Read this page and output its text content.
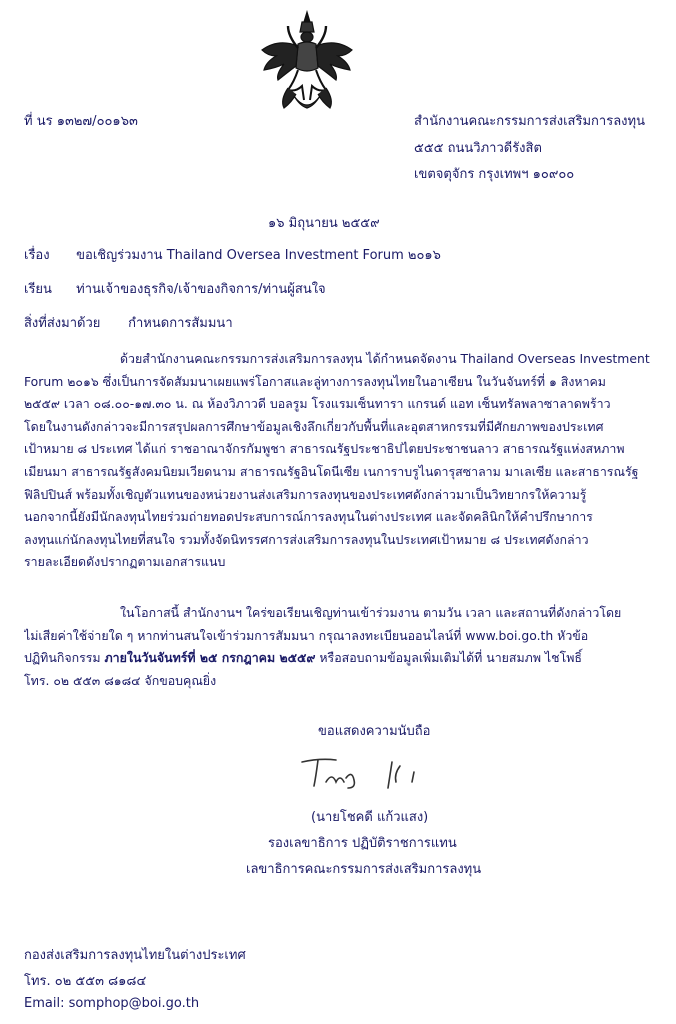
ที่ นร ๑๓๒๗/๐๐๑๖๓	สำนักงานคณะกรรมการส่งเสริมการลงทุน
๕๕๕ ถนนวิภาวดีรังสิต
เขตจตุจักร กรุงเทพฯ ๑๐๙๐๐
๑๖ มิถุนายน ๒๕๕๙
เรื่อง ขอเชิญร่วมงาน Thailand Oversea Investment Forum ๒๐๑๖
เรียน ท่านเจ้าของธุรกิจ/เจ้าของกิจการ/ท่านผู้สนใจ
สิ่งที่ส่งมาด้วย กำหนดการสัมมนา
ด้วยสำนักงานคณะกรรมการส่งเสริมการลงทุน ได้กำหนดจัดงาน Thailand Overseas Investment
Forum ๒๐๑๖ ซึ่งเป็นการจัดสัมมนาเผยแพร่โอกาสและลู่ทางการลงทุนไทยในอาเซียน ในวันจันทร์ที่ ๑ สิงหาคม
๒๕๕๙ เวลา ๐๘.๐๐-๑๗.๓๐ น. ณ ห้องวิภาวดี บอลรูม โรงแรมเซ็นทารา แกรนด์ แอท เซ็นทรัลพลาซาลาดพร้าว
โดยในงานดังกล่าวจะมีการสรุปผลการศึกษาข้อมูลเชิงลึกเกี่ยวกับพื้นที่และอุตสาหกรรมที่มีศักยภาพของประเทศ
เป้าหมาย ๘ ประเทศ ได้แก่ ราชอาณาจักรกัมพูชา สาธารณรัฐประชาธิปไตยประชาชนลาว สาธารณรัฐแห่งสหภาพ
เมียนมา สาธารณรัฐสังคมนิยมเวียดนาม สาธารณรัฐอินโดนีเซีย เนการาบรูไนดารุสซาลาม มาเลเซีย และสาธารณรัฐ
ฟิลิปปินส์ พร้อมทั้งเชิญตัวแทนของหน่วยงานส่งเสริมการลงทุนของประเทศดังกล่าวมาเป็นวิทยากรให้ความรู้
นอกจากนี้ยังมีนักลงทุนไทยร่วมถ่ายทอดประสบการณ์การลงทุนในต่างประเทศ และจัดคลินิกให้คำปรึกษาการ
ลงทุนแก่นักลงทุนไทยที่สนใจ รวมทั้งจัดนิทรรศการส่งเสริมการลงทุนในประเทศเป้าหมาย ๘ ประเทศดังกล่าว
รายละเอียดดังปรากฏตามเอกสารแนบ
ในโอกาสนี้ สำนักงานฯ ใคร่ขอเรียนเชิญท่านเข้าร่วมงาน ตามวัน เวลา และสถานที่ดังกล่าวโดย
ไม่เสียค่าใช้จ่ายใด ๆ หากท่านสนใจเข้าร่วมการสัมมนา กรุณาลงทะเบียนออนไลน์ที่ www.boi.go.th หัวข้อ
ปฏิทินกิจกรรม ภายในวันจันทร์ที่ ๒๕ กรกฎาคม ๒๕๕๙ หรือสอบถามข้อมูลเพิ่มเติมได้ที่ นายสมภพ ไชโพธิ์
โทร. ๐๒ ๕๕๓ ๘๑๘๔ จักขอบคุณยิ่ง
ขอแสดงความนับถือ
(นายโชคดี แก้วแสง)
รองเลขาธิการ ปฏิบัติราชการแทน
เลขาธิการคณะกรรมการส่งเสริมการลงทุน
กองส่งเสริมการลงทุนไทยในต่างประเทศ
โทร. ๐๒ ๕๕๓ ๘๑๘๔
Email: somphop@boi.go.th
